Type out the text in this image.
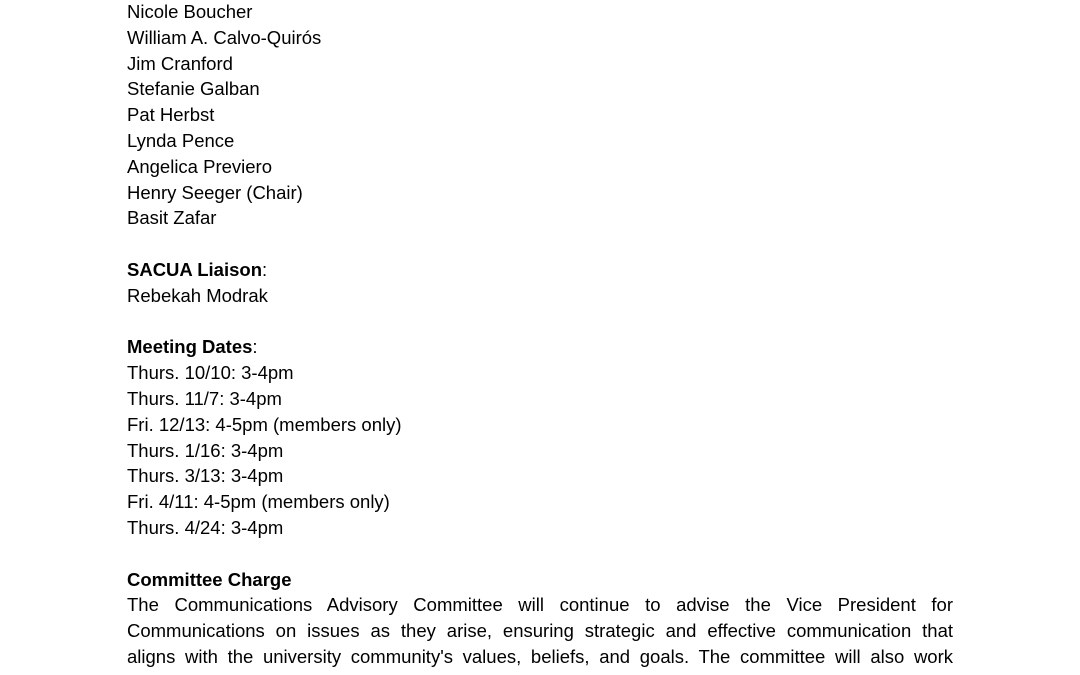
Nicole Boucher
William A. Calvo-Quirós
Jim Cranford
Stefanie Galban
Pat Herbst
Lynda Pence
Angelica Previero
Henry Seeger (Chair)
Basit Zafar
SACUA Liaison:
Rebekah Modrak
Meeting Dates:
Thurs. 10/10: 3-4pm
Thurs. 11/7: 3-4pm
Fri. 12/13: 4-5pm (members only)
Thurs. 1/16: 3-4pm
Thurs. 3/13: 3-4pm
Fri. 4/11: 4-5pm (members only)
Thurs. 4/24: 3-4pm
Committee Charge
The Communications Advisory Committee will continue to advise the Vice President for
Communications on issues as they arise, ensuring strategic and effective communication that
aligns with the university community's values, beliefs, and goals. The committee will also work
